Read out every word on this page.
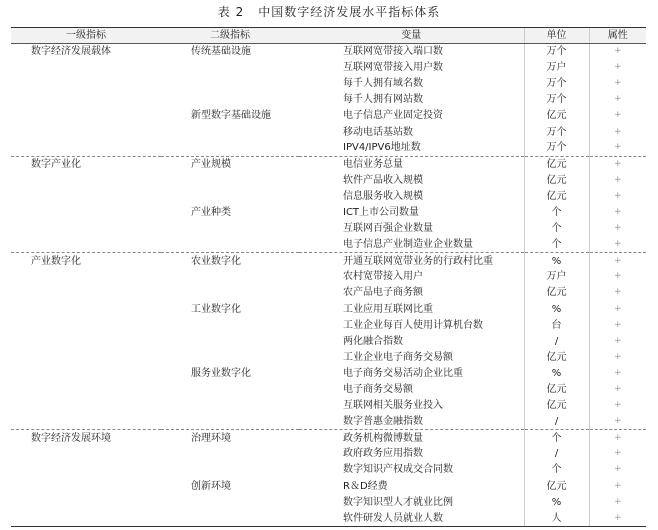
表 2 中国数字经济发展水平指标体系
一级指标	二级指标	变量	单位	属性
数字经济发展载体	传统基础设施	互联网宽带接入端口数	万个	+
		互联网宽带接入用户数	万户	+
		每千人拥有域名数	万个	+
		每千人拥有网站数	万个	+
	新型数字基础设施	电子信息产业固定投资	亿元	+
		移动电话基站数	万个	+
		IPV4/IPV6地址数	万个	+
数字产业化	产业规模	电信业务总量	亿元	+
		软件产品收入规模	亿元	+
		信息服务收入规模	亿元	+
	产业种类	ICT上市公司数量	个	+
		互联网百强企业数量	个	+
		电子信息产业制造业企业数量	个	+
产业数字化	农业数字化	开通互联网宽带业务的行政村比重	%	+
		农村宽带接入用户	万户	+
		农产品电子商务额	亿元	+
	工业数字化	工业应用互联网比重	%	+
		工业企业每百人使用计算机台数	台	+
		两化融合指数	/	+
		工业企业电子商务交易额	亿元	+
	服务业数字化	电子商务交易活动企业比重	%	+
		电子商务交易额	亿元	+
		互联网相关服务业投入	亿元	+
		数字普惠金融指数	/	+
数字经济发展环境	治理环境	政务机构微博数量	个	+
		政府政务应用指数	/	+
		数字知识产权成交合同数	个	+
	创新环境	R＆D经费	亿元	+
		数字知识型人才就业比例	%	+
		软件研发人员就业人数	人	+
